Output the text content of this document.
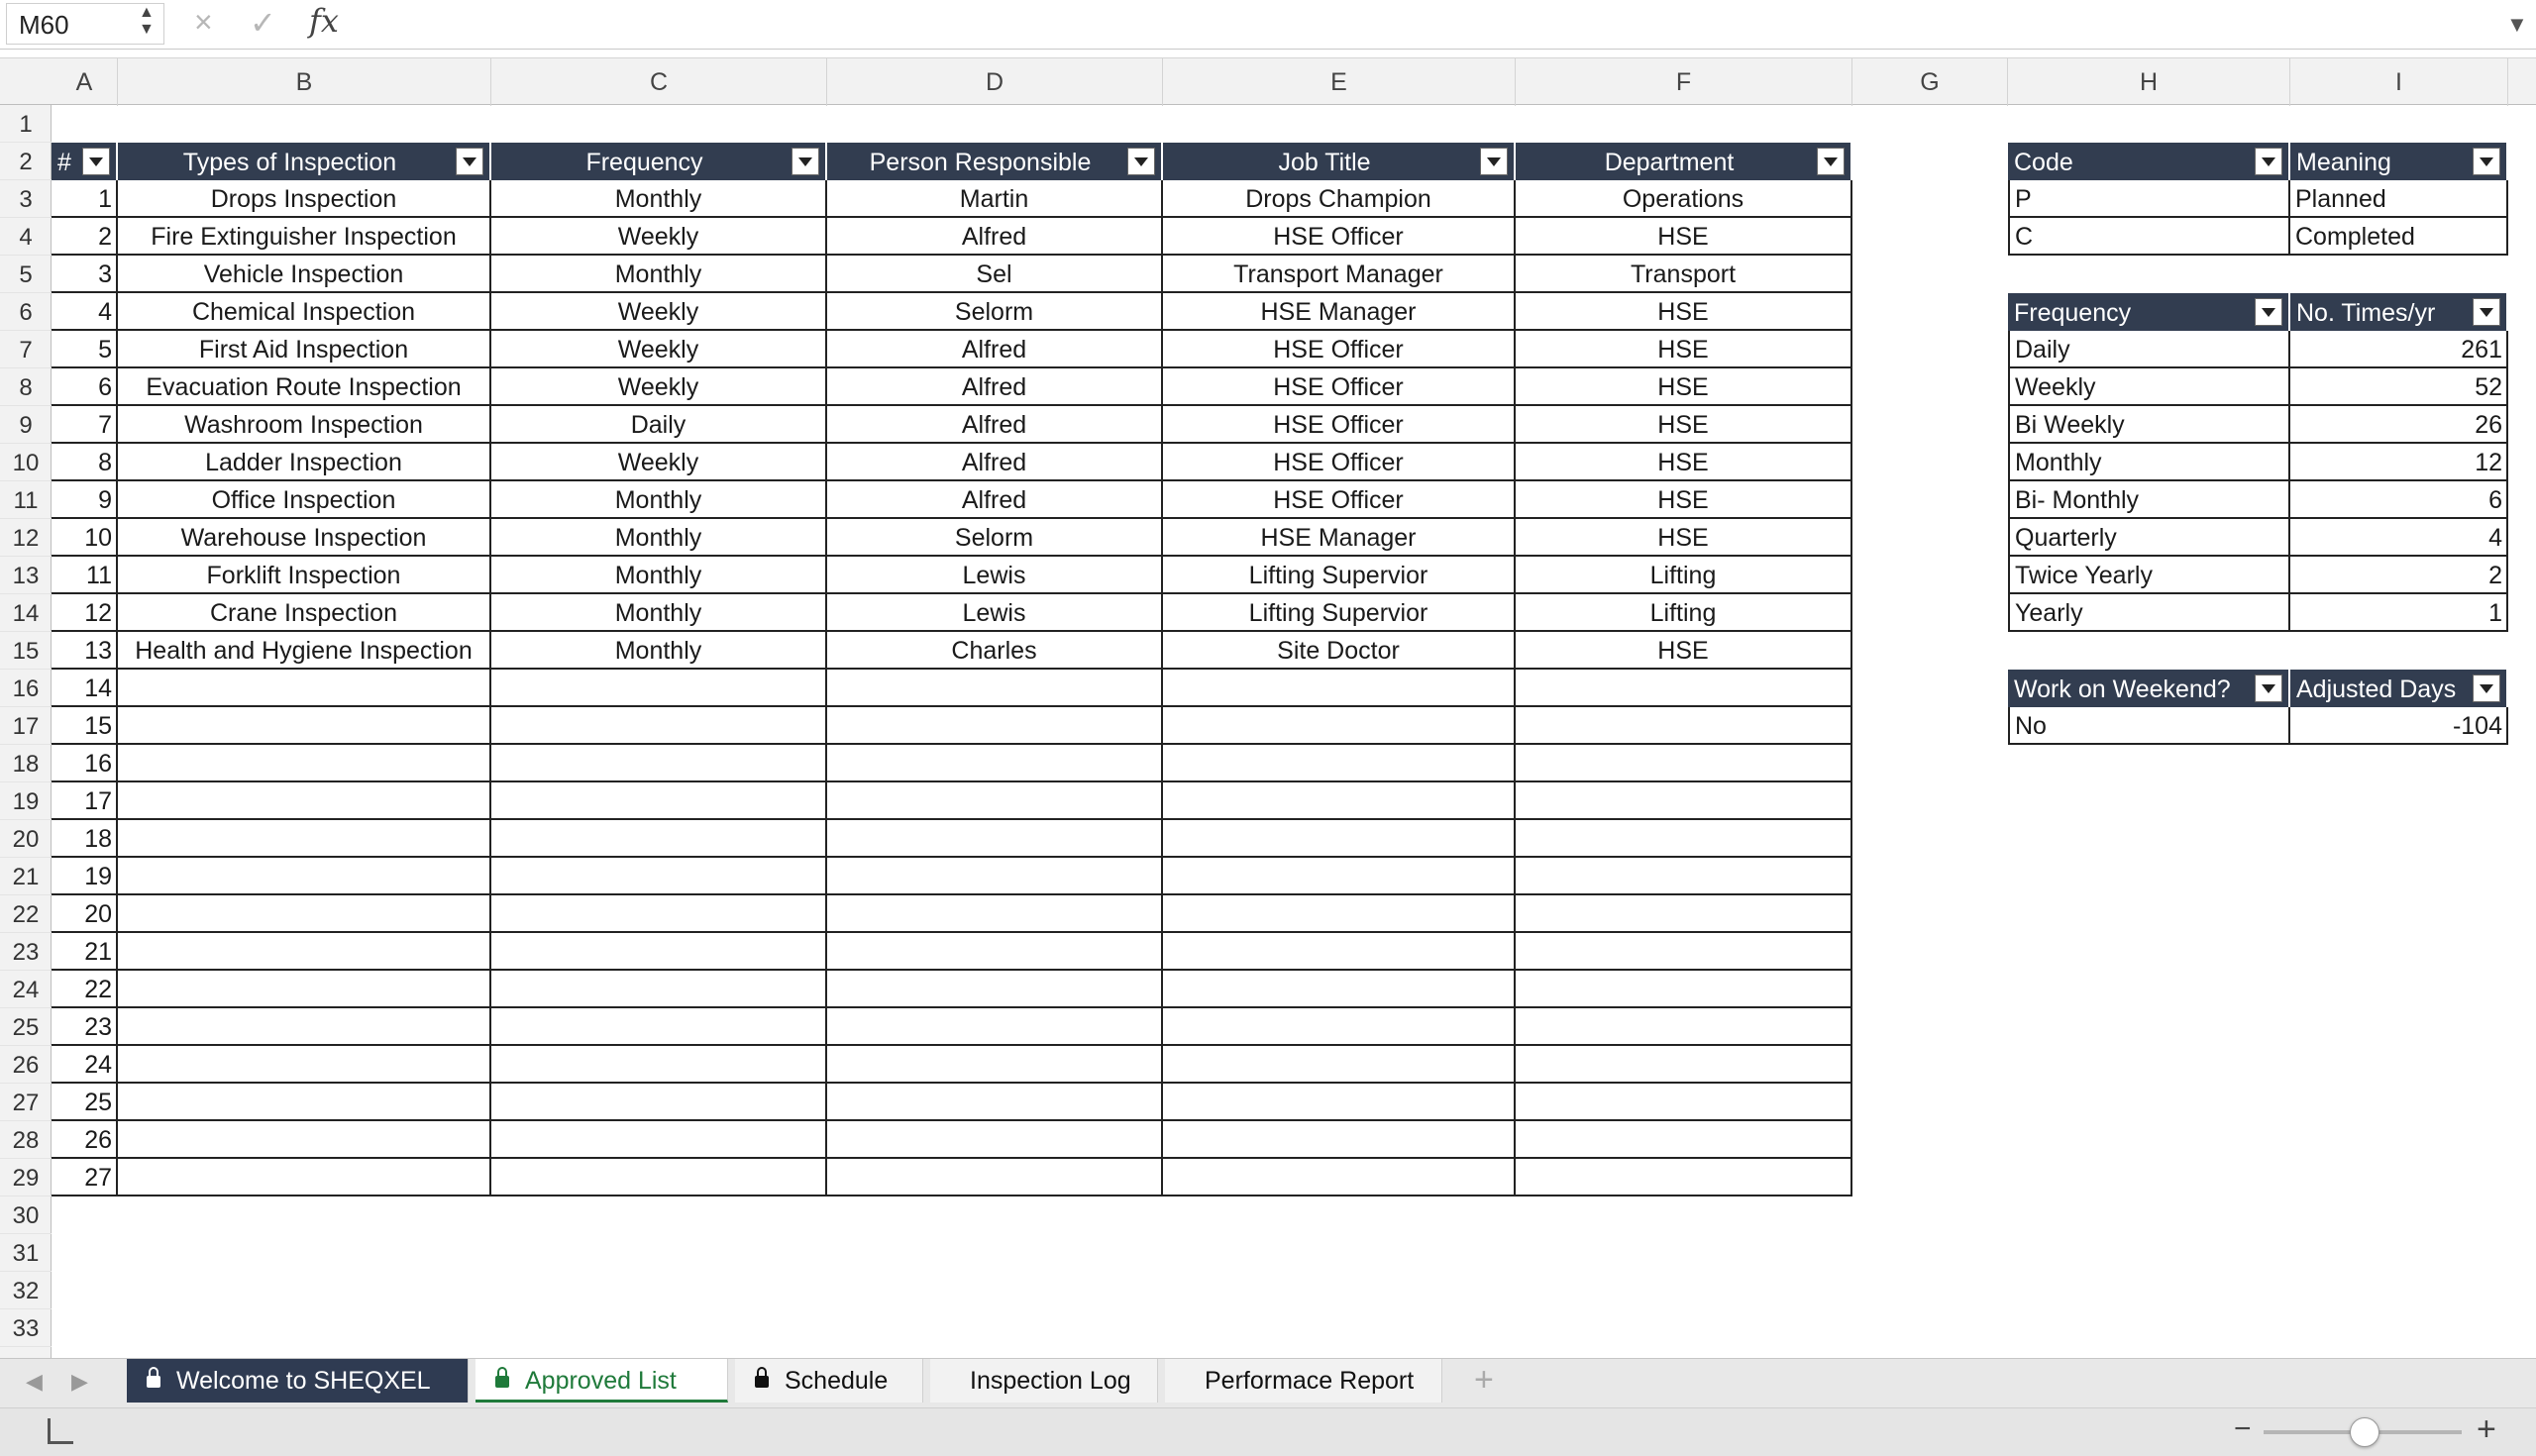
M60	▲
▼ × ✓ fx	▼
A	B	C	D	E	F	G	H	I
1
2
3
4
5
6
7
8
9
10
11
12
13
14
15
16
17
18
19
20
21
22
23
24
25
26
27
28
29
30
31
32
33
#	Types of Inspection	Frequency	Person Responsible	Job Title	Department
1	Drops Inspection	Monthly	Martin	Drops Champion	Operations
2	Fire Extinguisher Inspection	Weekly	Alfred	HSE Officer	HSE
3	Vehicle Inspection	Monthly	Sel	Transport Manager	Transport
4	Chemical Inspection	Weekly	Selorm	HSE Manager	HSE
5	First Aid Inspection	Weekly	Alfred	HSE Officer	HSE
6	Evacuation Route Inspection	Weekly	Alfred	HSE Officer	HSE
7	Washroom Inspection	Daily	Alfred	HSE Officer	HSE
8	Ladder Inspection	Weekly	Alfred	HSE Officer	HSE
9	Office Inspection	Monthly	Alfred	HSE Officer	HSE
10	Warehouse Inspection	Monthly	Selorm	HSE Manager	HSE
11	Forklift Inspection	Monthly	Lewis	Lifting Supervior	Lifting
12	Crane Inspection	Monthly	Lewis	Lifting Supervior	Lifting
13 Health and Hygiene Inspection	Monthly	Charles	Site Doctor	HSE
14
15
16
17
18
19
20
21
22
23
24
25
26
27
Code	Meaning
P	Planned
C	Completed
Frequency	No. Times/yr
Daily	261
Weekly	52
Bi Weekly	26
Monthly	12
Bi- Monthly	6
Quarterly	4
Twice Yearly	2
Yearly	1
Work on Weekend?	Adjusted Days
No	-104
◀ ▶	Welcome to SHEQXEL	Approved List	Schedule	Inspection Log	Performace Report	+
−	+
